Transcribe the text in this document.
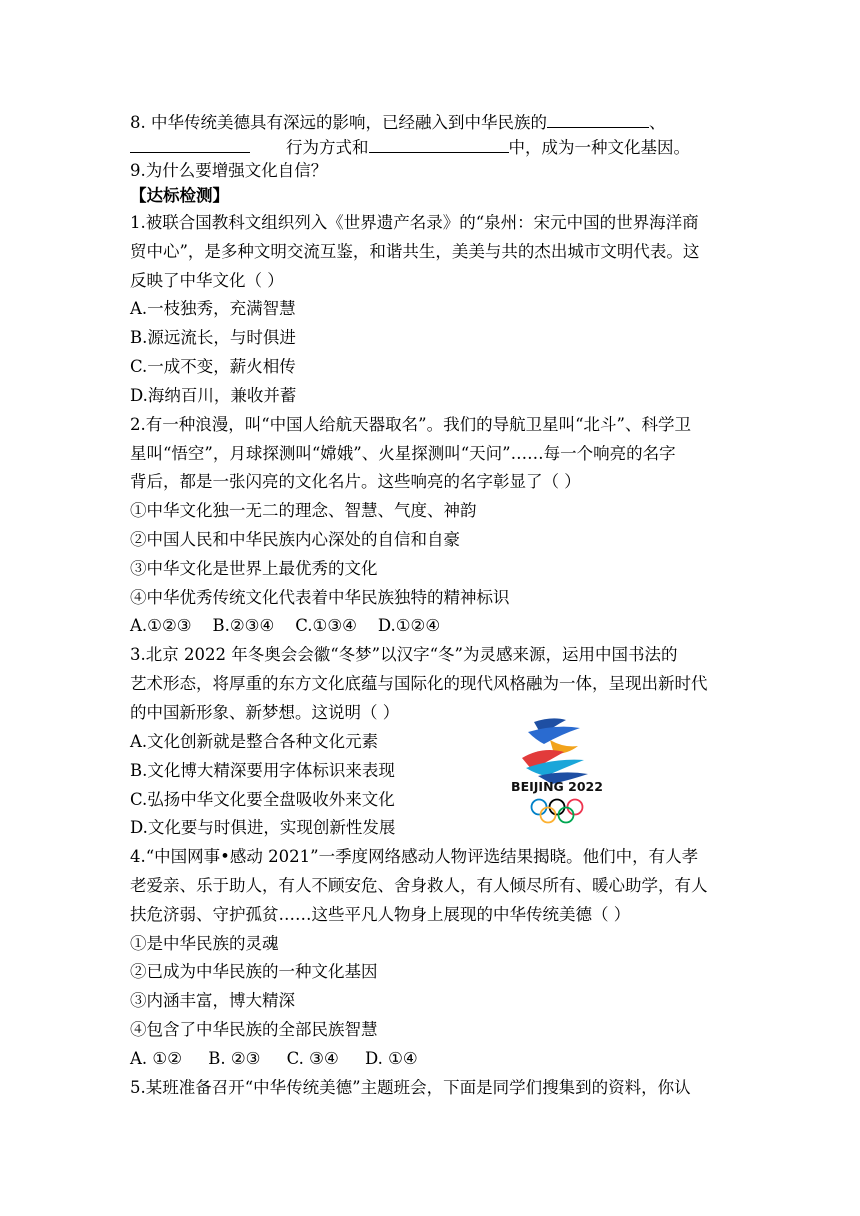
8. 中华传统美德具有深远的影响，已经融入到中华民族的	、
行为方式和	中，成为一种文化基因。
9.为什么要增强文化自信？
【达标检测】
1.被联合国教科文组织列入《世界遗产名录》的“泉州：宋元中国的世界海洋商
贸中心”，是多种文明交流互鉴，和谐共生，美美与共的杰出城市文明代表。这
反映了中华文化（ ）
A.一枝独秀，充满智慧
B.源远流长，与时俱进
C.一成不变，薪火相传
D.海纳百川，兼收并蓄
2.有一种浪漫，叫“中国人给航天器取名”。我们的导航卫星叫“北斗”、科学卫
星叫“悟空”，月球探测叫“嫦娥”、火星探测叫“天问”……每一个响亮的名字
背后，都是一张闪亮的文化名片。这些响亮的名字彰显了（ ）
①中华文化独一无二的理念、智慧、气度、神韵
②中国人民和中华民族内心深处的自信和自豪
③中华文化是世界上最优秀的文化
④中华优秀传统文化代表着中华民族独特的精神标识
A.①②③    B.②③④    C.①③④    D.①②④
3.北京 2022 年冬奥会会徽“冬梦”以汉字“冬”为灵感来源，运用中国书法的
艺术形态，将厚重的东方文化底蕴与国际化的现代风格融为一体，呈现出新时代
的中国新形象、新梦想。这说明（ ）
A.文化创新就是整合各种文化元素
B.文化博大精深要用字体标识来表现
C.弘扬中华文化要全盘吸收外来文化
D.文化要与时俱进，实现创新性发展
BEIJING 2022
4.“中国网事•感动 2021”一季度网络感动人物评选结果揭晓。他们中，有人孝
老爱亲、乐于助人，有人不顾安危、舍身救人，有人倾尽所有、暖心助学，有人
扶危济弱、守护孤贫……这些平凡人物身上展现的中华传统美德（ ）
①是中华民族的灵魂
②已成为中华民族的一种文化基因
③内涵丰富，博大精深
④包含了中华民族的全部民族智慧
A. ①②     B. ②③     C. ③④     D. ①④
5.某班准备召开“中华传统美德”主题班会，下面是同学们搜集到的资料，你认
